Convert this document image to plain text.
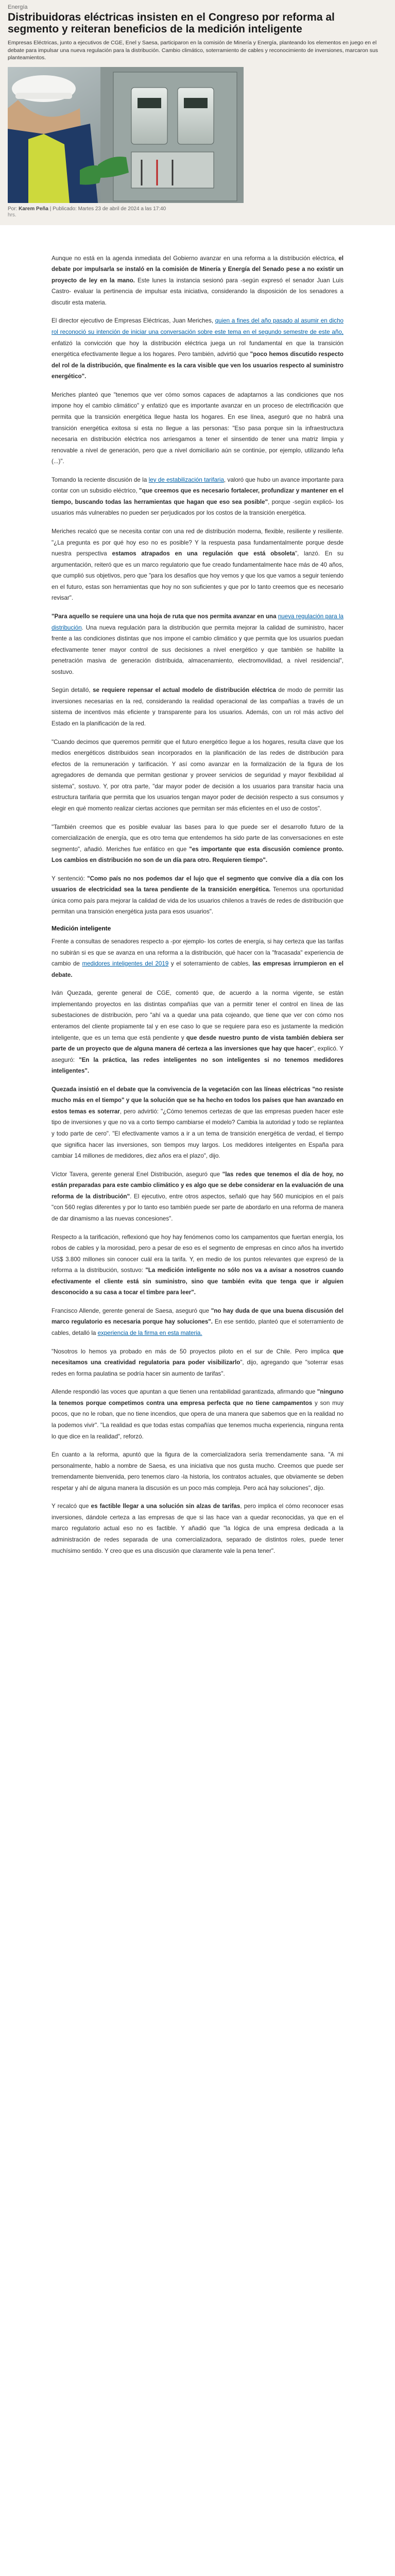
Energía
Distribuidoras eléctricas insisten en el Congreso por reforma al segmento y reiteran beneficios de la medición inteligente

Empresas Eléctricas, junto a ejecutivos de CGE, Enel y Saesa, participaron en la comisión de Minería y Energía, planteando los elementos en juego en el debate para impulsar una nueva regulación para la distribución. Cambio climático, soterramiento de cables y reconocimiento de inversiones, marcaron sus planteamientos.

Por: Karem Peña | Publicado: Martes 23 de abril de 2024 a las 17:40
hrs.

Aunque no está en la agenda inmediata del Gobierno avanzar en una reforma a la distribución eléctrica, el debate por impulsarla se instaló en la comisión de Minería y Energía del Senado pese a no existir un proyecto de ley en la mano. Este lunes la instancia sesionó para -según expresó el senador Juan Luis Castro- evaluar la pertinencia de impulsar esta iniciativa, considerando la disposición de los senadores a discutir esta materia.

El director ejecutivo de Empresas Eléctricas, Juan Meriches, quien a fines del año pasado al asumir en dicho rol reconoció su intención de iniciar una conversación sobre este tema en el segundo semestre de este año, enfatizó la convicción que hoy la distribución eléctrica juega un rol fundamental en que la transición energética efectivamente llegue a los hogares. Pero también, advirtió que "poco hemos discutido respecto del rol de la distribución, que finalmente es la cara visible que ven los usuarios respecto al suministro energético".

Meriches planteó que "tenemos que ver cómo somos capaces de adaptarnos a las condiciones que nos impone hoy el cambio climático" y enfatizó que es importante avanzar en un proceso de electrificación que permita que la transición energética llegue hasta los hogares. En ese línea, aseguró que no habrá una transición energética exitosa si esta no llegue a las personas: "Eso pasa porque sin la infraestructura necesaria en distribución eléctrica nos arriesgamos a tener el sinsentido de tener una matriz limpia y renovable a nivel de generación, pero que a nivel domiciliario aún se continúe, por ejemplo, utilizando leña (...)".

Tomando la reciente discusión de la ley de estabilización tarifaria, valoró que hubo un avance importante para contar con un subsidio eléctrico, "que creemos que es necesario fortalecer, profundizar y mantener en el tiempo, buscando todas las herramientas que hagan que eso sea posible", porque -según explicó- los usuarios más vulnerables no pueden ser perjudicados por los costos de la transición energética.

Meriches recalcó que se necesita contar con una red de distribución moderna, flexible, resiliente y resiliente. "¿La pregunta es por qué hoy eso no es posible? Y la respuesta pasa fundamentalmente porque desde nuestra perspectiva estamos atrapados en una regulación que está obsoleta", lanzó. En su argumentación, reiteró que es un marco regulatorio que fue creado fundamentalmente hace más de 40 años, que cumplió sus objetivos, pero que "para los desafíos que hoy vemos y que los que vamos a seguir teniendo en el futuro, estas son herramientas que hoy no son suficientes y que por lo tanto creemos que es necesario revisar".

"Para aquello se requiere una una hoja de ruta que nos permita avanzar en una nueva regulación para la distribución. Una nueva regulación para la distribución que permita mejorar la calidad de suministro, hacer frente a las condiciones distintas que nos impone el cambio climático y que permita que los usuarios puedan efectivamente tener mayor control de sus decisiones a nivel energético y que también se habilite la penetración masiva de generación distribuida, almacenamiento, electromovilidad, a nivel residencial", sostuvo.

Según detalló, se requiere repensar el actual modelo de distribución eléctrica de modo de permitir las inversiones necesarias en la red, considerando la realidad operacional de las compañías a través de un sistema de incentivos más eficiente y transparente para los usuarios. Además, con un rol más activo del Estado en la planificación de la red.

"Cuando decimos que queremos permitir que el futuro energético llegue a los hogares, resulta clave que los medios energéticos distribuidos sean incorporados en la planificación de las redes de distribución para efectos de la remuneración y tarificación. Y así como avanzar en la formalización de la figura de los agregadores de demanda que permitan gestionar y proveer servicios de seguridad y mayor flexibilidad al sistema", sostuvo. Y, por otra parte, "dar mayor poder de decisión a los usuarios para transitar hacia una estructura tarifaria que permita que los usuarios tengan mayor poder de decisión respecto a sus consumos y elegir en qué momento realizar ciertas acciones que permitan ser más eficientes en el uso de costos".

"También creemos que es posible evaluar las bases para lo que puede ser el desarrollo futuro de la comercialización de energía, que es otro tema que entendemos ha sido parte de las conversaciones en este segmento", añadió. Meriches fue enfático en que "es importante que esta discusión comience pronto. Los cambios en distribución no son de un día para otro. Requieren tiempo".

Y sentenció: "Como país no nos podemos dar el lujo que el segmento que convive día a día con los usuarios de electricidad sea la tarea pendiente de la transición energética. Tenemos una oportunidad única como país para mejorar la calidad de vida de los usuarios chilenos a través de redes de distribución que permitan una transición energética justa para esos usuarios".

Medición inteligente

Frente a consultas de senadores respecto a -por ejemplo- los cortes de energía, si hay certeza que las tarifas no subirán si es que se avanza en una reforma a la distribución, qué hacer con la "fracasada" experiencia de cambio de medidores inteligentes del 2019 y el soterramiento de cables, las empresas irrumpieron en el debate.

Iván Quezada, gerente general de CGE, comentó que, de acuerdo a la norma vigente, se están implementando proyectos en las distintas compañías que van a permitir tener el control en línea de las subestaciones de distribución, pero "ahí va a quedar una pata cojeando, que tiene que ver con cómo nos enteramos del cliente propiamente tal y en ese caso lo que se requiere para eso es justamente la medición inteligente, que es un tema que está pendiente y que desde nuestro punto de vista también debiera ser parte de un proyecto que de alguna manera dé certeza a las inversiones que hay que hacer", explicó. Y aseguró: "En la práctica, las redes inteligentes no son inteligentes si no tenemos medidores inteligentes".

Quezada insistió en el debate que la convivencia de la vegetación con las líneas eléctricas "no resiste mucho más en el tiempo" y que la solución que se ha hecho en todos los países que han avanzado en estos temas es soterrar, pero advirtió: "¿Cómo tenemos certezas de que las empresas pueden hacer este tipo de inversiones y que no va a corto tiempo cambiarse el modelo? Cambia la autoridad y todo se replantea y todo parte de cero". "El efectivamente vamos a ir a un tema de transición energética de verdad, el tiempo que significa hacer las inversiones, son tiempos muy largos. Los medidores inteligentes en España para cambiar 14 millones de medidores, diez años era el plazo", dijo.

Víctor Tavera, gerente general Enel Distribución, aseguró que "las redes que tenemos el día de hoy, no están preparadas para este cambio climático y es algo que se debe considerar en la evaluación de una reforma de la distribución". El ejecutivo, entre otros aspectos, señaló que hay 560 municipios en el país "con 560 reglas diferentes y por lo tanto eso también puede ser parte de abordarlo en una reforma de manera de dar dinamismo a las nuevas concesiones".

Respecto a la tarificación, reflexionó que hoy hay fenómenos como los campamentos que fuertan energía, los robos de cables y la morosidad, pero a pesar de eso es el segmento de empresas en cinco años ha invertido US$ 3.800 millones sin conocer cuál era la tarifa. Y, en medio de los puntos relevantes que expresó de la reforma a la distribución, sostuvo: "La medición inteligente no sólo nos va a avisar a nosotros cuando efectivamente el cliente está sin suministro, sino que también evita que tenga que ir alguien desconocido a su casa a tocar el timbre para leer".

Francisco Allende, gerente general de Saesa, aseguró que "no hay duda de que una buena discusión del marco regulatorio es necesaria porque hay soluciones". En ese sentido, planteó que el soterramiento de cables, detalló la experiencia de la firma en esta materia.

"Nosotros lo hemos ya probado en más de 50 proyectos piloto en el sur de Chile. Pero implica que necesitamos una creatividad regulatoria para poder visibilizarlo", dijo, agregando que "soterrar esas redes en forma paulatina se podría hacer sin aumento de tarifas".

Allende respondió las voces que apuntan a que tienen una rentabilidad garantizada, afirmando que "ninguno la tenemos porque competimos contra una empresa perfecta que no tiene campamentos y son muy pocos, que no le roban, que no tiene incendios, que opera de una manera que sabemos que en la realidad no la podemos vivir". "La realidad es que todas estas compañías que tenemos mucha experiencia, ninguna renta lo que dice en la realidad", reforzó.

En cuanto a la reforma, apuntó que la figura de la comercializadora sería tremendamente sana. "A mi personalmente, hablo a nombre de Saesa, es una iniciativa que nos gusta mucho. Creemos que puede ser tremendamente bienvenida, pero tenemos claro -la historia, los contratos actuales, que obviamente se deben respetar y ahí de alguna manera la discusión es un poco más compleja. Pero acá hay soluciones", dijo.

Y recalcó que es factible llegar a una solución sin alzas de tarifas, pero implica el cómo reconocer esas inversiones, dándole certeza a las empresas de que si las hace van a quedar reconocidas, ya que en el marco regulatorio actual eso no es factible. Y añadió que "la lógica de una empresa dedicada a la administración de redes separada de una comercializadora, separado de distintos roles, puede tener muchísimo sentido. Y creo que es una discusión que claramente vale la pena tener".
